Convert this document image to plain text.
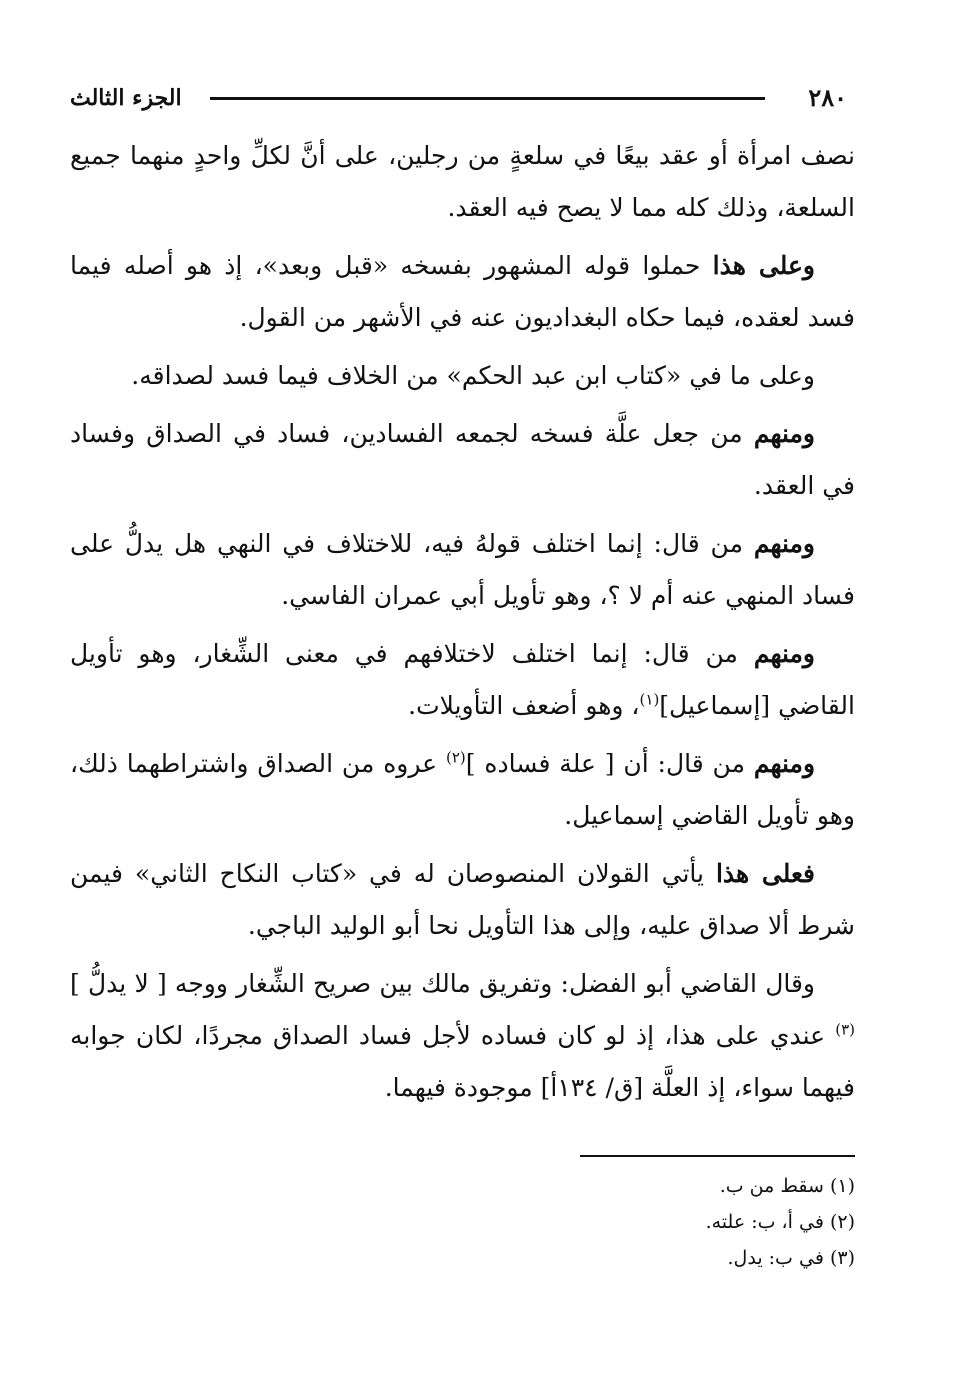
٢٨٠
الجزء الثالث

نصف امرأة أو عقد بيعًا في سلعةٍ من رجلين، على أنَّ لكلِّ واحدٍ منهما جميع السلعة، وذلك كله مما لا يصح فيه العقد.

وعلى هذا حملوا قوله المشهور بفسخه «قبل وبعد»، إذ هو أصله فيما فسد لعقده، فيما حكاه البغداديون عنه في الأشهر من القول.

وعلى ما في «كتاب ابن عبد الحكم» من الخلاف فيما فسد لصداقه.

ومنهم من جعل علَّة فسخه لجمعه الفسادين، فساد في الصداق وفساد في العقد.

ومنهم من قال: إنما اختلف قولهُ فيه، للاختلاف في النهي هل يدلُّ على فساد المنهي عنه أم لا ؟، وهو تأويل أبي عمران الفاسي.

ومنهم من قال: إنما اختلف لاختلافهم في معنى الشِّغار، وهو تأويل القاضي [إسماعيل]$^{(١)}$، وهو أضعف التأويلات.

ومنهم من قال: أن [ علة فساده ]$^{(٢)}$ عروه من الصداق واشتراطهما ذلك، وهو تأويل القاضي إسماعيل.

فعلى هذا يأتي القولان المنصوصان له في «كتاب النكاح الثاني» فيمن شرط ألا صداق عليه، وإلى هذا التأويل نحا أبو الوليد الباجي.

وقال القاضي أبو الفضل: وتفريق مالك بين صريح الشِّغار ووجه [ لا يدلُّ ]$^{(٣)}$ عندي على هذا، إذ لو كان فساده لأجل فساد الصداق مجردًا، لكان جوابه فيهما سواء، إذ العلَّة [ق/ ١٣٤أ] موجودة فيهما.

(١) سقط من ب.

(٢) في أ، ب: علته.

(٣) في ب: يدل.
